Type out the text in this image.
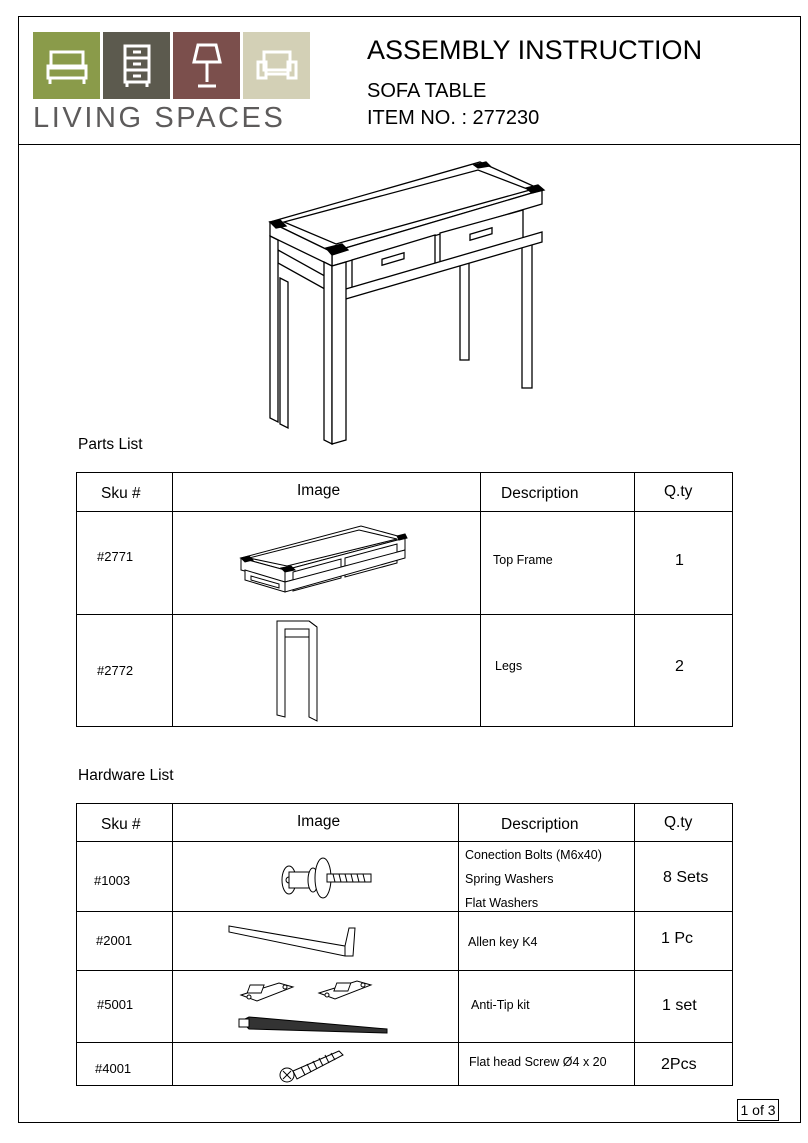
LIVING SPACES
ASSEMBLY INSTRUCTION
SOFA TABLE
ITEM NO. : 277230
Parts List
Sku #	Image	Description	Q.ty

#2771		Top Frame	1

#2772		Legs	2
Hardware List
Sku #	Image	Description	Q.ty

#1003		Conection Bolts (M6x40)
Spring Washers
Flat Washers	8 Sets

#2001		Allen key K4	1 Pc

#5001		Anti-Tip kit	1 set

#4001		Flat head Screw Ø4 x 20	2Pcs
1 of 3
